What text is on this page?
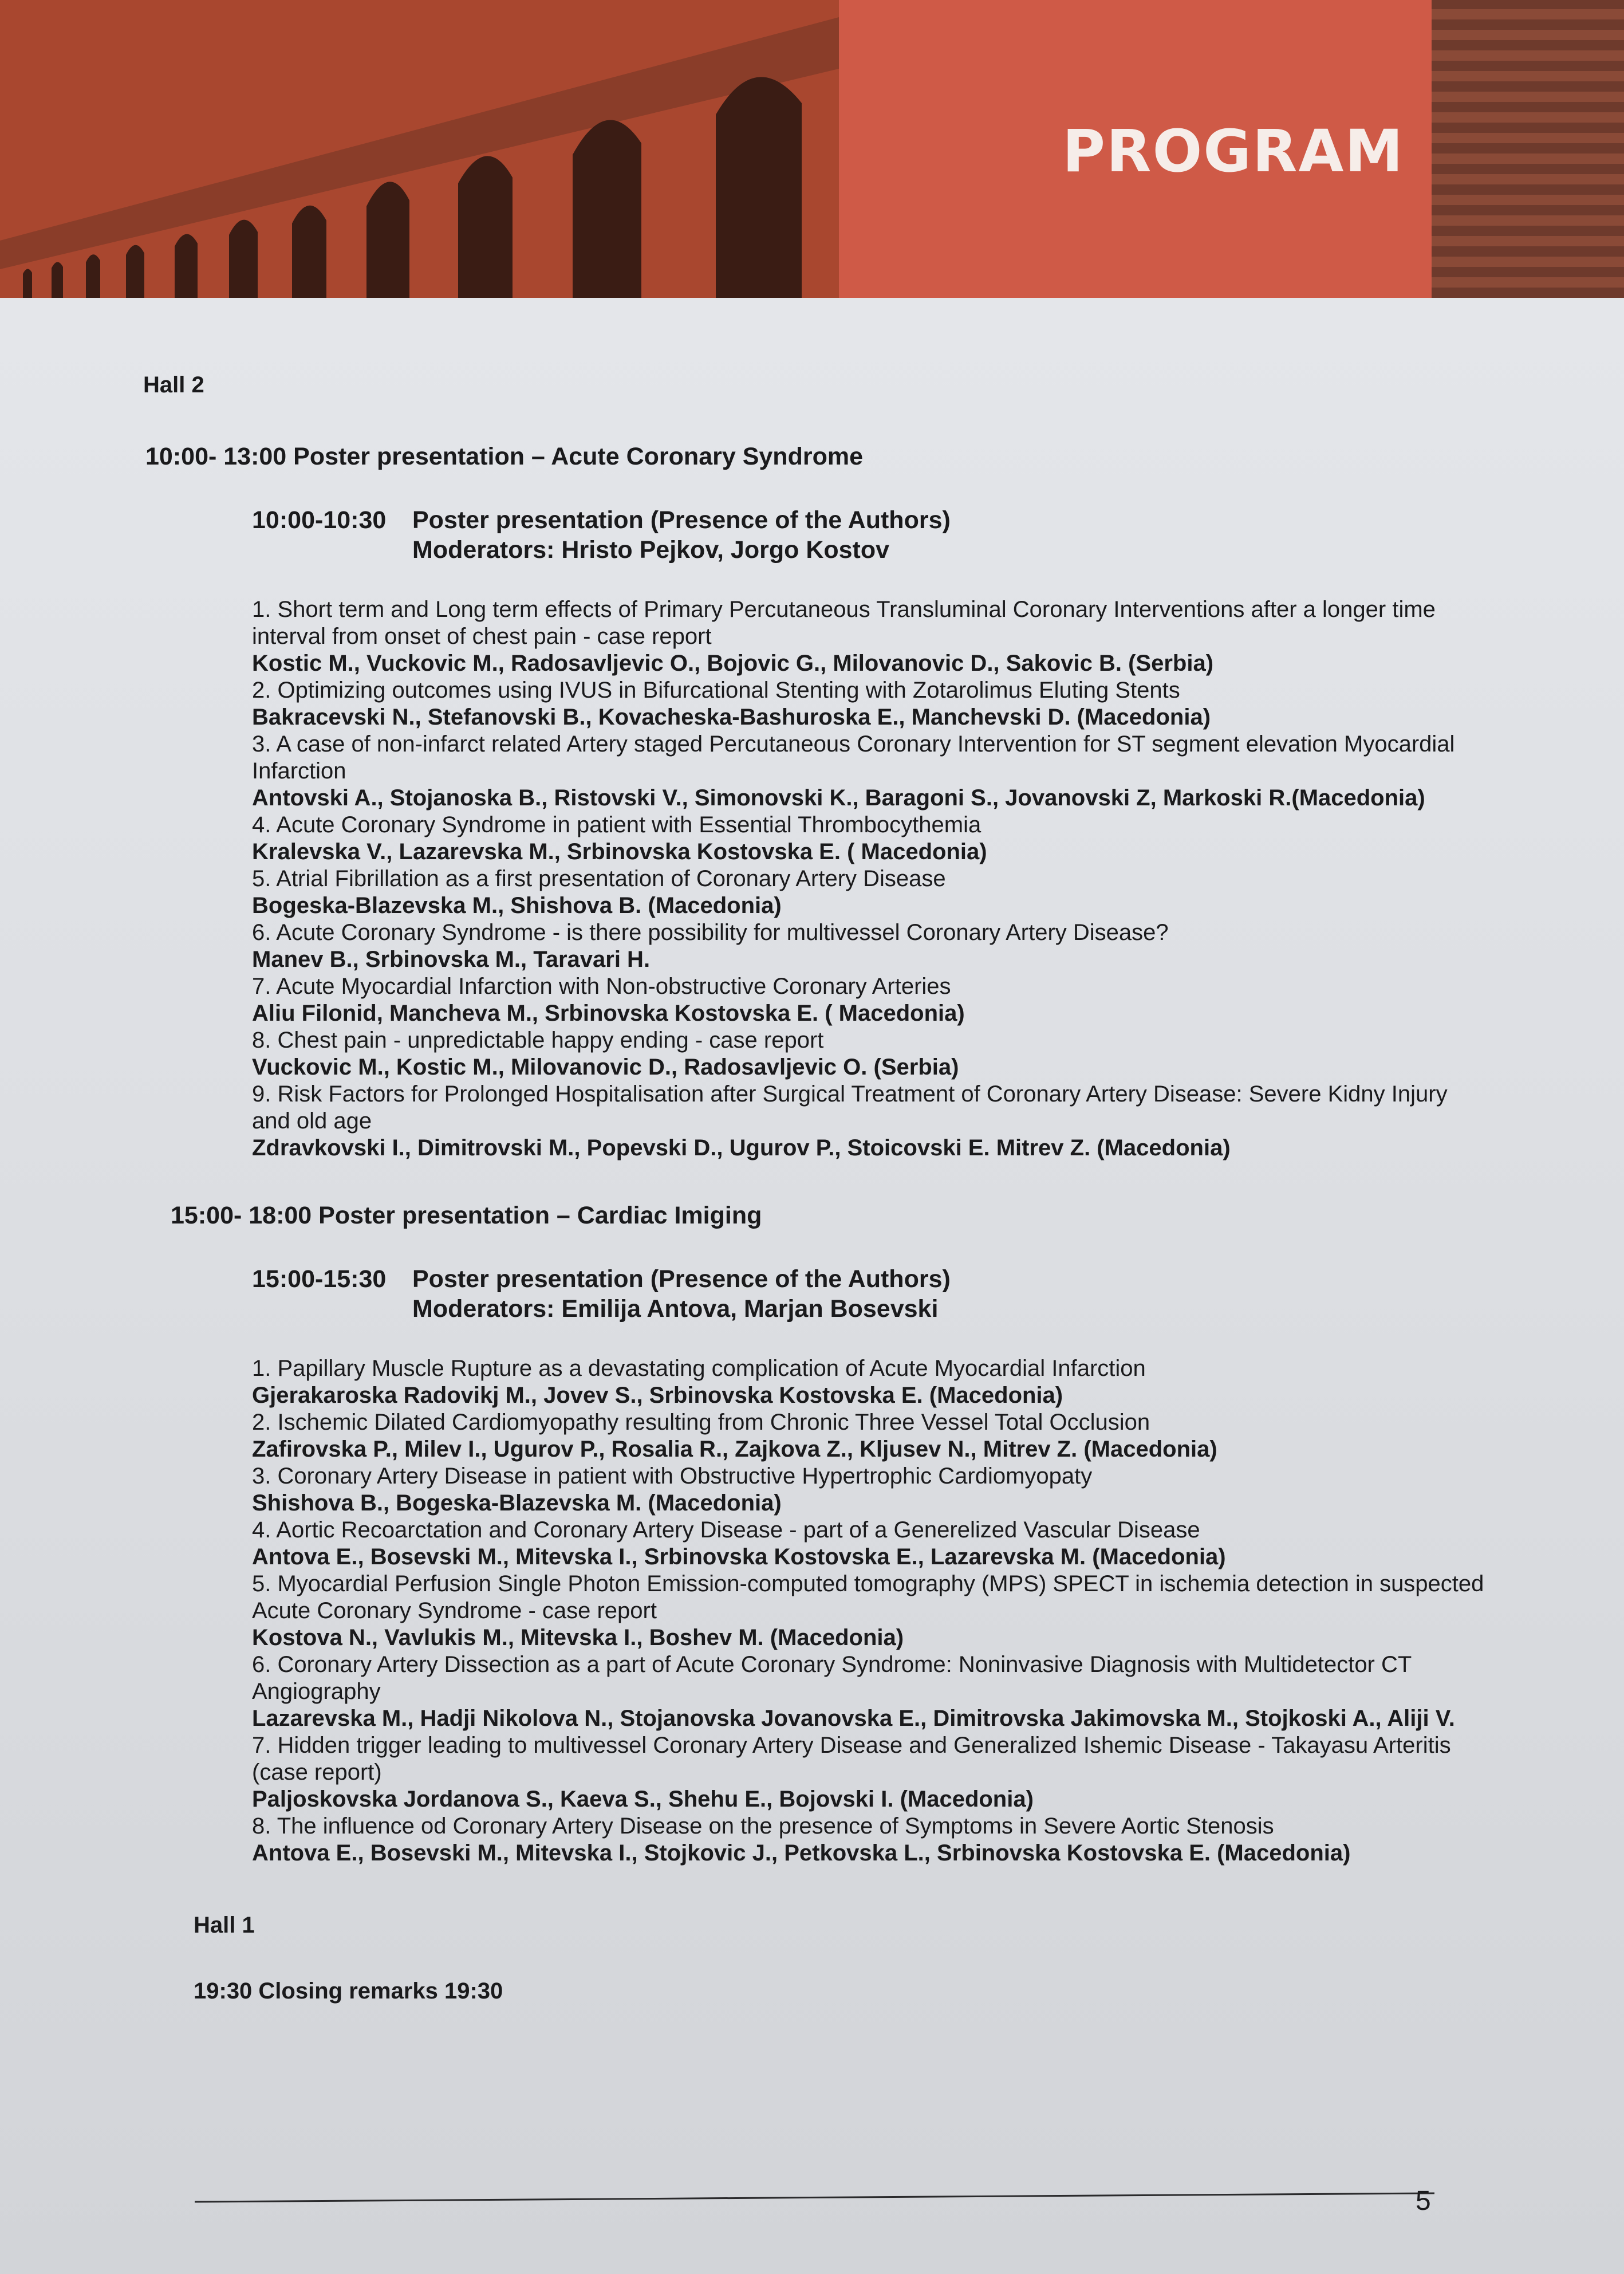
PROGRAM

Hall 2

10:00- 13:00 Poster presentation – Acute Coronary Syndrome
10:00-10:30 Poster presentation (Presence of the Authors)
Moderators: Hristo Pejkov, Jorgo Kostov
1. Short term and Long term effects of Primary Percutaneous Transluminal Coronary Interventions after a longer time interval from onset of chest pain - case report
Kostic M., Vuckovic M., Radosavljevic O., Bojovic G., Milovanovic D., Sakovic B. (Serbia)
2. Optimizing outcomes using IVUS in Bifurcational Stenting with Zotarolimus Eluting Stents
Bakracevski N., Stefanovski B., Kovacheska-Bashuroska E., Manchevski D. (Macedonia)
3. A case of non-infarct related Artery staged Percutaneous Coronary Intervention for ST segment elevation Myocardial Infarction
Antovski A., Stojanoska B., Ristovski V., Simonovski K., Baragoni S., Jovanovski Z, Markoski R.(Macedonia)
4. Acute Coronary Syndrome in patient with Essential Thrombocythemia
Kralevska V., Lazarevska M., Srbinovska Kostovska E. ( Macedonia)
5. Atrial Fibrillation as a first presentation of Coronary Artery Disease
Bogeska-Blazevska M., Shishova B. (Macedonia)
6. Acute Coronary Syndrome - is there possibility for multivessel Coronary Artery Disease?
Manev B., Srbinovska M., Taravari H.
7. Acute Myocardial Infarction with Non-obstructive Coronary Arteries
Aliu Filonid, Mancheva M., Srbinovska Kostovska E. ( Macedonia)
8. Chest pain - unpredictable happy ending - case report
Vuckovic M., Kostic M., Milovanovic D., Radosavljevic O. (Serbia)
9. Risk Factors for Prolonged Hospitalisation after Surgical Treatment of Coronary Artery Disease: Severe Kidny Injury and old age
Zdravkovski I., Dimitrovski M., Popevski D., Ugurov P., Stoicovski E. Mitrev Z. (Macedonia)
15:00- 18:00 Poster presentation – Cardiac Imiging
15:00-15:30 Poster presentation (Presence of the Authors)
Moderators: Emilija Antova, Marjan Bosevski
1. Papillary Muscle Rupture as a devastating complication of Acute Myocardial Infarction
Gjerakaroska Radovikj M., Jovev S., Srbinovska Kostovska E. (Macedonia)
2. Ischemic Dilated Cardiomyopathy resulting from Chronic Three Vessel Total Occlusion
Zafirovska P., Milev I., Ugurov P., Rosalia R., Zajkova Z., Kljusev N., Mitrev Z. (Macedonia)
3. Coronary Artery Disease in patient with Obstructive Hypertrophic Cardiomyopaty
Shishova B., Bogeska-Blazevska M. (Macedonia)
4. Aortic Recoarctation and Coronary Artery Disease - part of a Generelized Vascular Disease
Antova E., Bosevski M., Mitevska I., Srbinovska Kostovska E., Lazarevska M. (Macedonia)
5. Myocardial Perfusion Single Photon Emission-computed tomography (MPS) SPECT in ischemia detection in suspected Acute Coronary Syndrome - case report
Kostova N., Vavlukis M., Mitevska I., Boshev M. (Macedonia)
6. Coronary Artery Dissection as a part of Acute Coronary Syndrome: Noninvasive Diagnosis with Multidetector CT Angiography
Lazarevska M., Hadji Nikolova N., Stojanovska Jovanovska E., Dimitrovska Jakimovska M., Stojkoski A., Aliji V.
7. Hidden trigger leading to multivessel Coronary Artery Disease and Generalized Ishemic Disease - Takayasu Arteritis (case report)
Paljoskovska Jordanova S., Kaeva S., Shehu E., Bojovski I. (Macedonia)
8. The influence od Coronary Artery Disease on the presence of Symptoms in Severe Aortic Stenosis
Antova E., Bosevski M., Mitevska I., Stojkovic J., Petkovska L., Srbinovska Kostovska E. (Macedonia)

Hall 1

19:30 Closing remarks 19:30
5
